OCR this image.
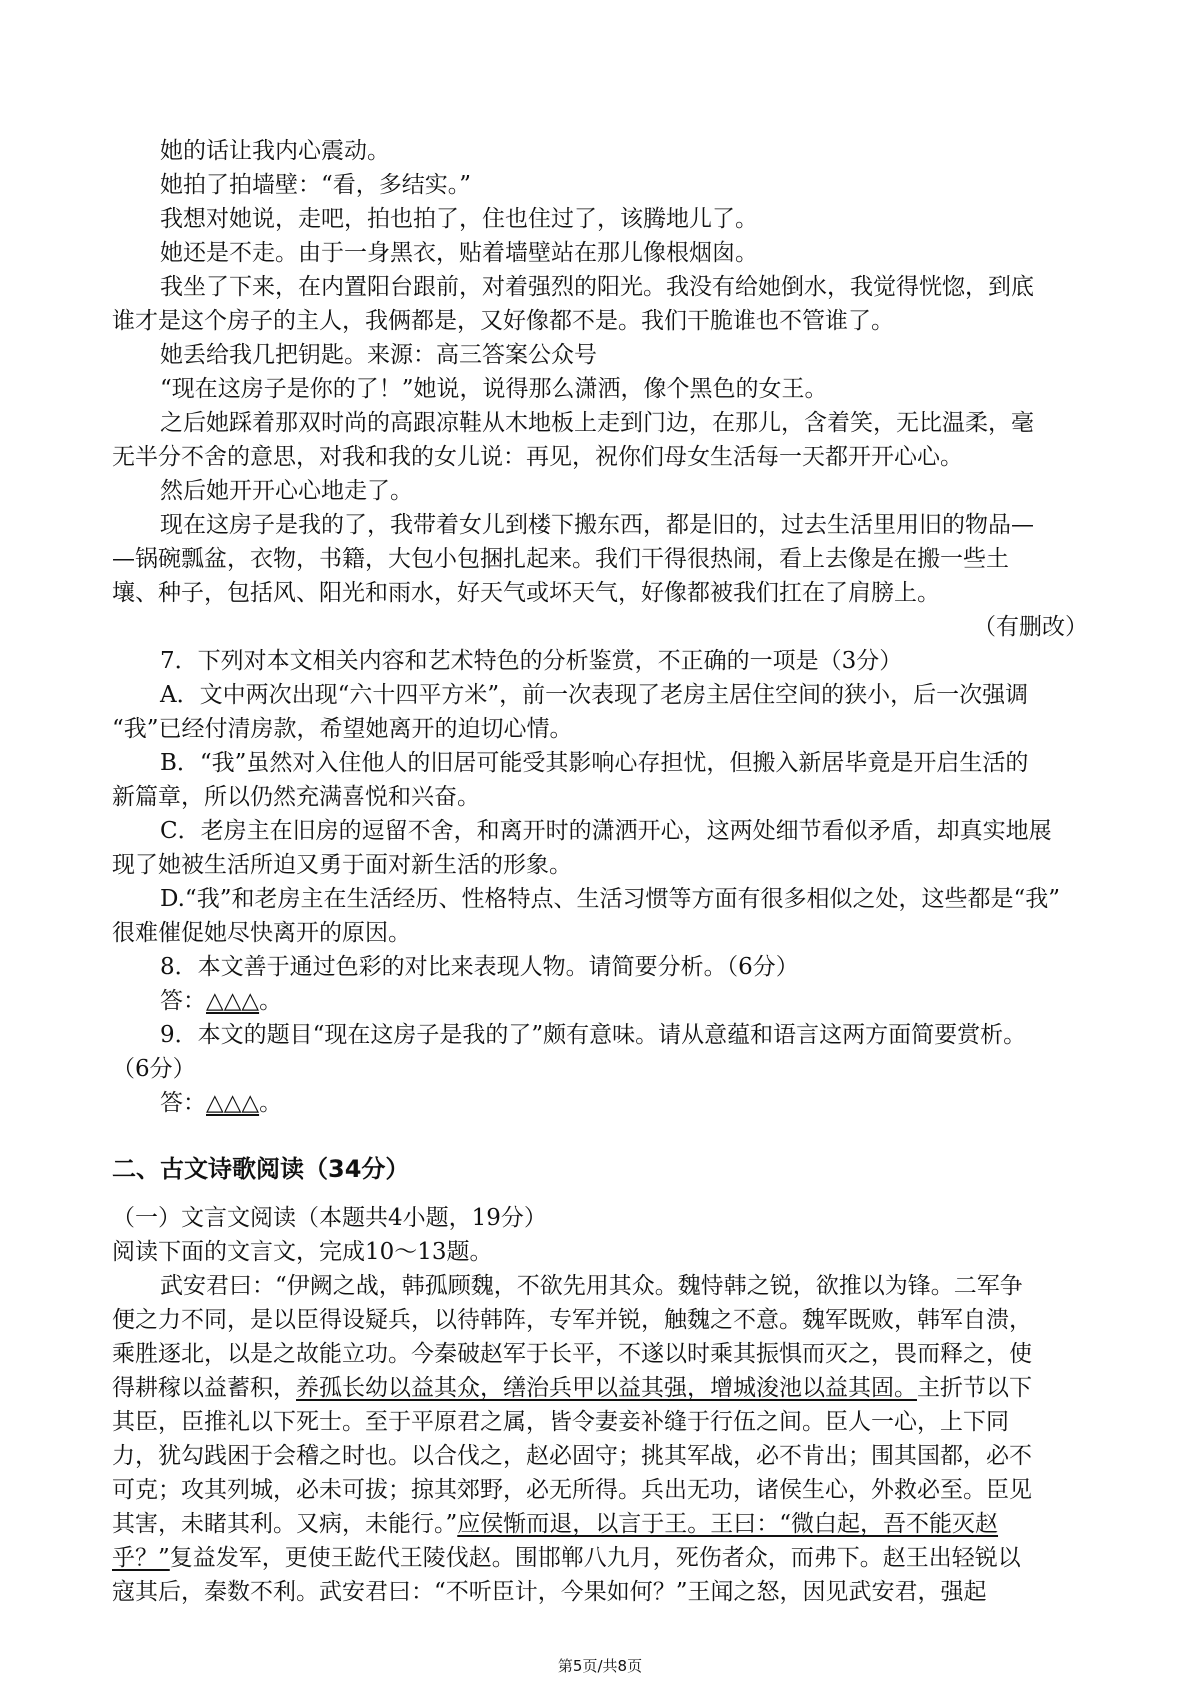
她的话让我内心震动。
她拍了拍墙壁：“看，多结实。”
我想对她说，走吧，拍也拍了，住也住过了，该腾地儿了。
她还是不走。由于一身黑衣，贴着墙壁站在那儿像根烟囱。
我坐了下来，在内置阳台跟前，对着强烈的阳光。我没有给她倒水，我觉得恍惚，到底
谁才是这个房子的主人，我俩都是，又好像都不是。我们干脆谁也不管谁了。
她丢给我几把钥匙。来源：高三答案公众号
“现在这房子是你的了！”她说，说得那么潇洒，像个黑色的女王。
之后她踩着那双时尚的高跟凉鞋从木地板上走到门边，在那儿，含着笑，无比温柔，毫
无半分不舍的意思，对我和我的女儿说：再见，祝你们母女生活每一天都开开心心。
然后她开开心心地走了。
现在这房子是我的了，我带着女儿到楼下搬东西，都是旧的，过去生活里用旧的物品—
—锅碗瓢盆，衣物，书籍，大包小包捆扎起来。我们干得很热闹，看上去像是在搬一些土
壤、种子，包括风、阳光和雨水，好天气或坏天气，好像都被我们扛在了肩膀上。
（有删改）
7．下列对本文相关内容和艺术特色的分析鉴赏，不正确的一项是（3分）
A．文中两次出现“六十四平方米”，前一次表现了老房主居住空间的狭小，后一次强调
“我”已经付清房款，希望她离开的迫切心情。
B．“我”虽然对入住他人的旧居可能受其影响心存担忧，但搬入新居毕竟是开启生活的
新篇章，所以仍然充满喜悦和兴奋。
C．老房主在旧房的逗留不舍，和离开时的潇洒开心，这两处细节看似矛盾，却真实地展
现了她被生活所迫又勇于面对新生活的形象。
D.“我”和老房主在生活经历、性格特点、生活习惯等方面有很多相似之处，这些都是“我”
很难催促她尽快离开的原因。
8．本文善于通过色彩的对比来表现人物。请简要分析。（6分）
答：△△△。
9．本文的题目“现在这房子是我的了”颇有意味。请从意蕴和语言这两方面简要赏析。
（6分）
答：△△△。
二、古文诗歌阅读（34分）
（一）文言文阅读（本题共4小题，19分）
阅读下面的文言文，完成10～13题。
武安君曰：“伊阙之战，韩孤顾魏，不欲先用其众。魏恃韩之锐，欲推以为锋。二军争
便之力不同，是以臣得设疑兵，以待韩阵，专军并锐，触魏之不意。魏军既败，韩军自溃，
乘胜逐北，以是之故能立功。今秦破赵军于长平，不遂以时乘其振惧而灭之，畏而释之，使
得耕稼以益蓄积，养孤长幼以益其众，缮治兵甲以益其强，增城浚池以益其固。主折节以下
其臣，臣推礼以下死士。至于平原君之属，皆令妻妾补缝于行伍之间。臣人一心，上下同
力，犹勾践困于会稽之时也。以合伐之，赵必固守；挑其军战，必不肯出；围其国都，必不
可克；攻其列城，必未可拔；掠其郊野，必无所得。兵出无功，诸侯生心，外救必至。臣见
其害，未睹其利。又病，未能行。”应侯惭而退，以言于王。王曰：“微白起，吾不能灭赵
乎？”复益发军，更使王龁代王陵伐赵。围邯郸八九月，死伤者众，而弗下。赵王出轻锐以
寇其后，秦数不利。武安君曰：“不听臣计，今果如何？”王闻之怒，因见武安君，强起
第5页/共8页
